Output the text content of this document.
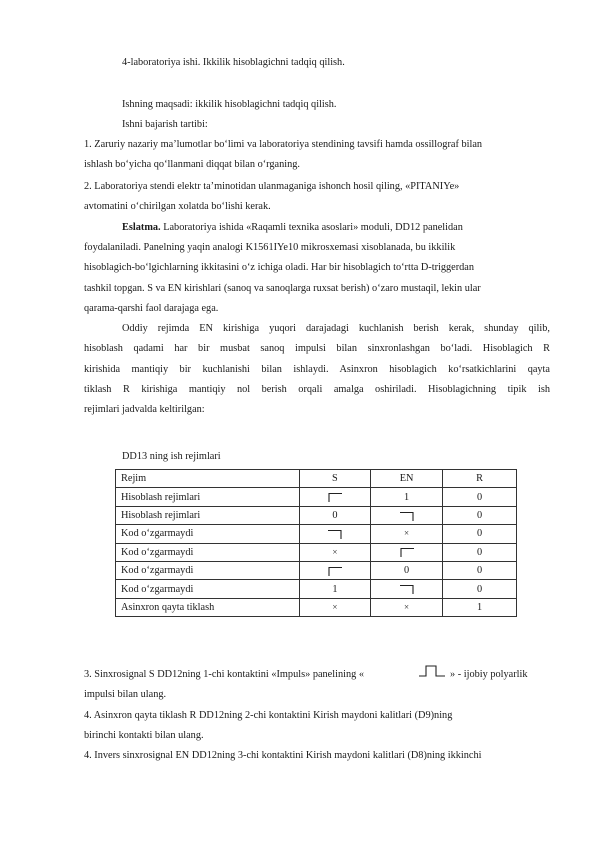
4-laboratoriya ishi. Ikkilik hisoblagichni tadqiq qilish.
Ishning maqsadi: ikkilik hisoblagichni tadqiq qilish.
Ishni bajarish tartibi:
1. Zaruriy nazariy ma’lumotlar bo‘limi va laboratoriya stendining tavsifi hamda ossillograf bilan
ishlash bo‘yicha qo‘llanmani diqqat bilan o‘rganing.
2. Laboratoriya stendi elektr ta’minotidan ulanmaganiga ishonch hosil qiling, «PITANIYe»
avtomatini o‘chirilgan xolatda bo‘lishi kerak.
Eslatma. Laboratoriya ishida «Raqamli texnika asoslari» moduli, DD12 panelidan
foydalaniladi. Panelning yaqin analogi K1561IYe10 mikrosxemasi xisoblanada, bu ikkilik
hisoblagich-bo‘lgichlarning ikkitasini o‘z ichiga oladi. Har bir hisoblagich to‘rtta D-triggerdan
tashkil topgan. S va EN kirishlari (sanoq va sanoqlarga ruxsat berish) o‘zaro mustaqil, lekin ular
qarama-qarshi faol darajaga ega.
Oddiy rejimda EN kirishiga yuqori darajadagi kuchlanish berish kerak, shunday qilib,
hisoblash qadami har bir musbat sanoq impulsi bilan sinxronlashgan bo‘ladi. Hisoblagich R
kirishida mantiqiy bir kuchlanishi bilan ishlaydi. Asinxron hisoblagich ko‘rsatkichlarini qayta
tiklash R kirishiga mantiqiy nol berish orqali amalga oshiriladi. Hisoblagichning tipik ish
rejimlari jadvalda keltirilgan:
DD13 ning ish rejimlari
Rejim	S	EN	R
Hisoblash rejimlari		1	0
Hisoblash rejimlari	0		0
Kod o‘zgarmaydi		×	0
Kod o‘zgarmaydi	×		0
Kod o‘zgarmaydi		0	0
Kod o‘zgarmaydi	1		0
Asinxron qayta tiklash	×	×	1
3. Sinxrosignal S DD12ning 1-chi kontaktini «Impuls» panelining «	» - ijobiy polyarlik
impulsi bilan ulang.
4. Asinxron qayta tiklash R DD12ning 2-chi kontaktini Kirish maydoni kalitlari (D9)ning
birinchi kontakti bilan ulang.
4. Invers sinxrosignal EN DD12ning 3-chi kontaktini Kirish maydoni kalitlari (D8)ning ikkinchi
